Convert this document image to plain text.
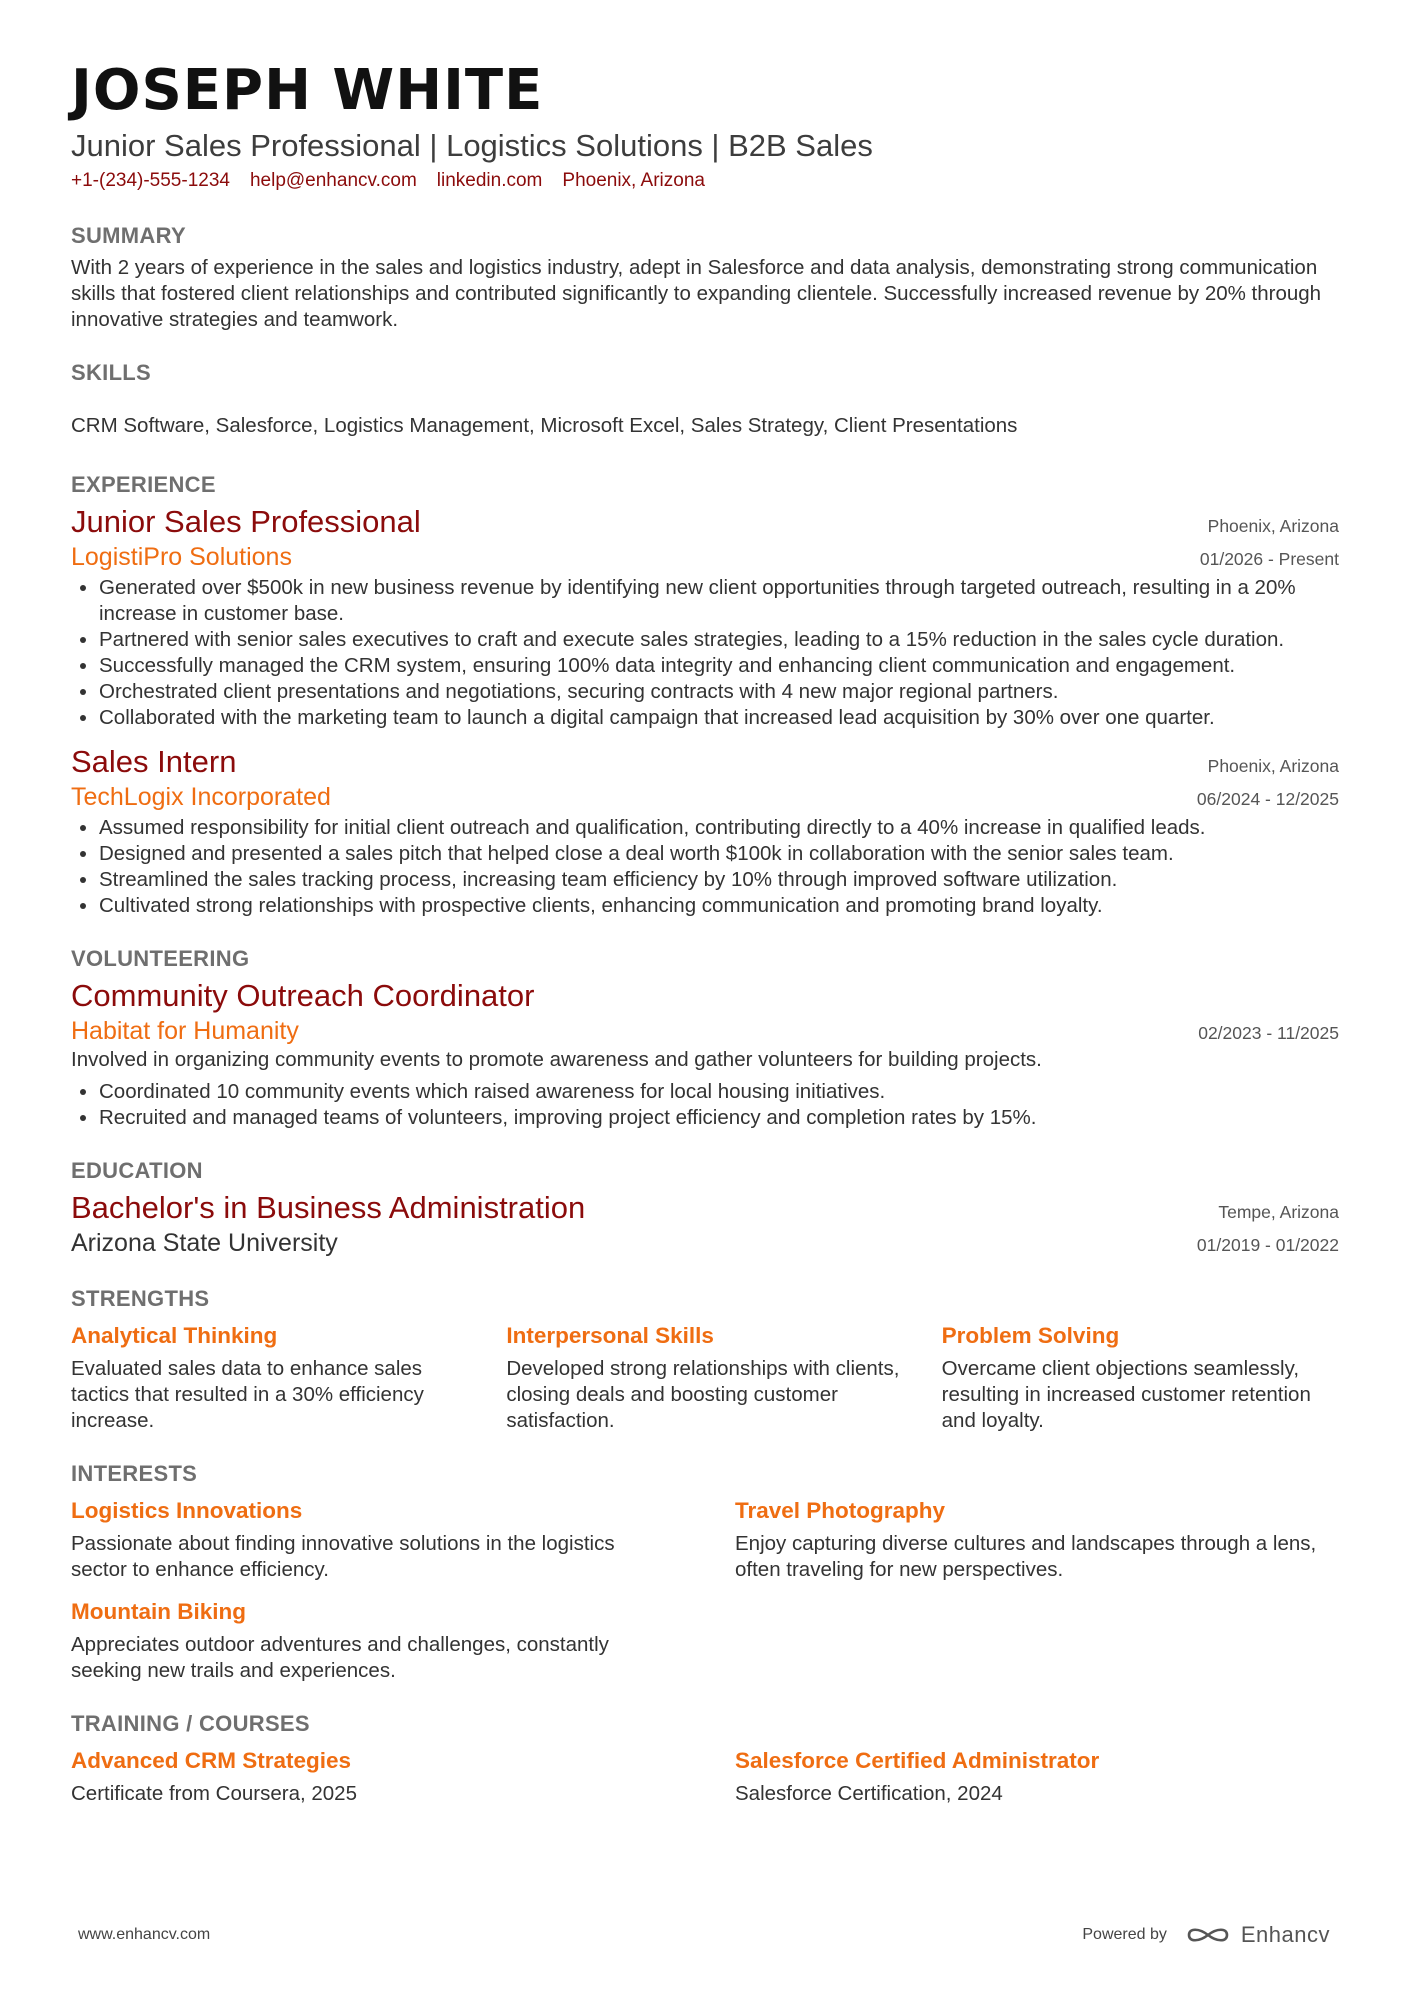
JOSEPH WHITE
Junior Sales Professional | Logistics Solutions | B2B Sales
+1-(234)-555-1234 help@enhancv.com linkedin.com Phoenix, Arizona
SUMMARY
With 2 years of experience in the sales and logistics industry, adept in Salesforce and data analysis, demonstrating strong communication skills that fostered client relationships and contributed significantly to expanding clientele. Successfully increased revenue by 20% through innovative strategies and teamwork.
SKILLS
CRM Software, Salesforce, Logistics Management, Microsoft Excel, Sales Strategy, Client Presentations
EXPERIENCE
Junior Sales Professional	Phoenix, Arizona
LogistiPro Solutions	01/2026 - Present
• Generated over $500k in new business revenue by identifying new client opportunities through targeted outreach, resulting in a 20% increase in customer base.
• Partnered with senior sales executives to craft and execute sales strategies, leading to a 15% reduction in the sales cycle duration.
• Successfully managed the CRM system, ensuring 100% data integrity and enhancing client communication and engagement.
• Orchestrated client presentations and negotiations, securing contracts with 4 new major regional partners.
• Collaborated with the marketing team to launch a digital campaign that increased lead acquisition by 30% over one quarter.
Sales Intern	Phoenix, Arizona
TechLogix Incorporated	06/2024 - 12/2025
• Assumed responsibility for initial client outreach and qualification, contributing directly to a 40% increase in qualified leads.
• Designed and presented a sales pitch that helped close a deal worth $100k in collaboration with the senior sales team.
• Streamlined the sales tracking process, increasing team efficiency by 10% through improved software utilization.
• Cultivated strong relationships with prospective clients, enhancing communication and promoting brand loyalty.
VOLUNTEERING
Community Outreach Coordinator
Habitat for Humanity	02/2023 - 11/2025
Involved in organizing community events to promote awareness and gather volunteers for building projects.
• Coordinated 10 community events which raised awareness for local housing initiatives.
• Recruited and managed teams of volunteers, improving project efficiency and completion rates by 15%.
EDUCATION
Bachelor's in Business Administration	Tempe, Arizona
Arizona State University	01/2019 - 01/2022
STRENGTHS
Analytical Thinking
Evaluated sales data to enhance sales tactics that resulted in a 30% efficiency increase.
Interpersonal Skills
Developed strong relationships with clients, closing deals and boosting customer satisfaction.
Problem Solving
Overcame client objections seamlessly, resulting in increased customer retention and loyalty.
INTERESTS
Logistics Innovations
Passionate about finding innovative solutions in the logistics sector to enhance efficiency.
Travel Photography
Enjoy capturing diverse cultures and landscapes through a lens, often traveling for new perspectives.
Mountain Biking
Appreciates outdoor adventures and challenges, constantly seeking new trails and experiences.
TRAINING / COURSES
Advanced CRM Strategies
Certificate from Coursera, 2025
Salesforce Certified Administrator
Salesforce Certification, 2024
www.enhancv.com	Powered by	Enhancv
